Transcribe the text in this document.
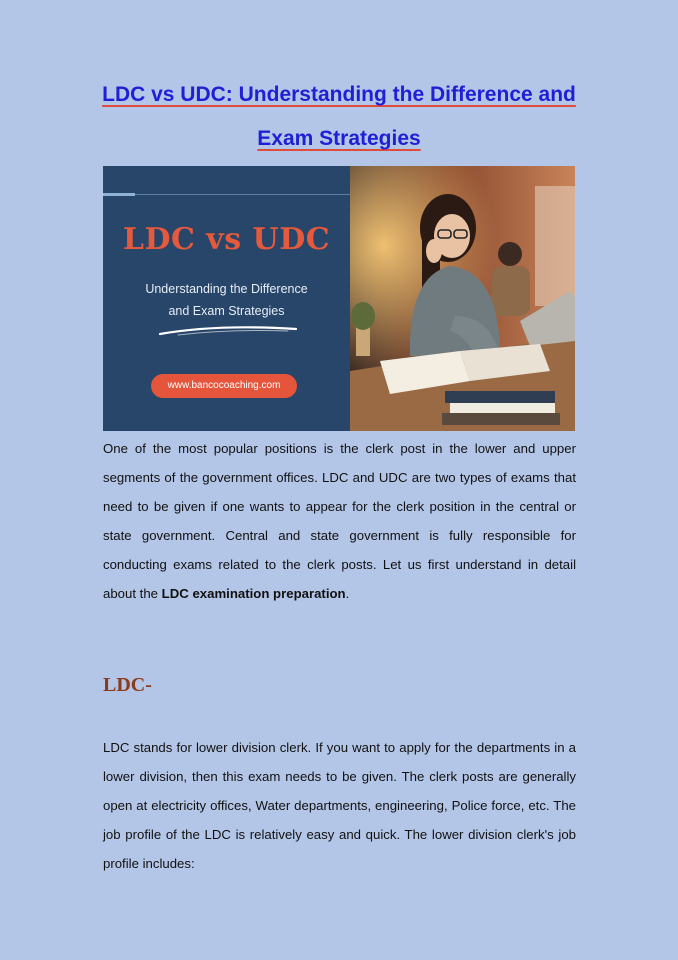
LDC vs UDC: Understanding the Difference and
Exam Strategies
LDC vs UDC
Understanding the Difference
and Exam Strategies
www.bancocoaching.com

One of the most popular positions is the clerk post in the lower and upper segments of the government offices. LDC and UDC are two types of exams that need to be given if one wants to appear for the clerk position in the central or state government. Central and state government is fully responsible for conducting exams related to the clerk posts. Let us first understand in detail about the LDC examination preparation.

LDC-

LDC stands for lower division clerk. If you want to apply for the departments in a lower division, then this exam needs to be given. The clerk posts are generally open at electricity offices, Water departments, engineering, Police force, etc. The job profile of the LDC is relatively easy and quick. The lower division clerk's job profile includes:
